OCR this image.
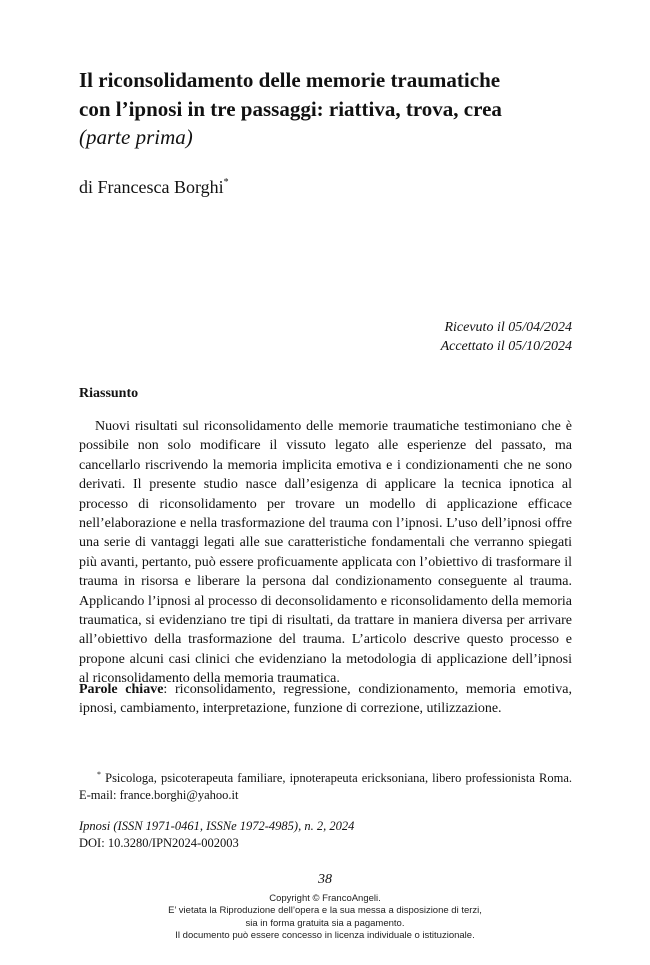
Il riconsolidamento delle memorie traumatiche

con l’ipnosi in tre passaggi: riattiva, trova, crea

(parte prima)

di Francesca Borghi*
Ricevuto il 05/04/2024
Accettato il 05/10/2024
Riassunto

Nuovi risultati sul riconsolidamento delle memorie traumatiche testimoniano che è possibile non solo modificare il vissuto legato alle esperienze del passato, ma cancellarlo riscrivendo la memoria implicita emotiva e i condizionamenti che ne sono derivati. Il presente studio nasce dall’esigenza di applicare la tecnica ipnotica al processo di riconsolidamento per trovare un modello di applicazione efficace nell’elaborazione e nella trasformazione del trauma con l’ipnosi. L’uso dell’ipnosi offre una serie di vantaggi legati alle sue caratteristiche fondamentali che verranno spiegati più avanti, pertanto, può essere proficuamente applicata con l’obiettivo di trasformare il trauma in risorsa e liberare la persona dal condizionamento conseguente al trauma. Applicando l’ipnosi al processo di deconsolidamento e riconsolidamento della memoria traumatica, si evidenziano tre tipi di risultati, da trattare in maniera diversa per arrivare all’obiettivo della trasformazione del trauma. L’articolo descrive questo processo e propone alcuni casi clinici che evidenziano la metodologia di applicazione dell’ipnosi al riconsolidamento della memoria traumatica.

Parole chiave: riconsolidamento, regressione, condizionamento, memoria emotiva, ipnosi, cambiamento, interpretazione, funzione di correzione, utilizzazione.

* Psicologa, psicoterapeuta familiare, ipnoterapeuta ericksoniana, libero professionista Roma. E-mail: france.borghi@yahoo.it

Ipnosi (ISSN 1971-0461, ISSNe 1972-4985), n. 2, 2024
DOI: 10.3280/IPN2024-002003
38
Copyright © FrancoAngeli.
E’ vietata la Riproduzione dell’opera e la sua messa a disposizione di terzi,
sia in forma gratuita sia a pagamento.
Il documento può essere concesso in licenza individuale o istituzionale.
